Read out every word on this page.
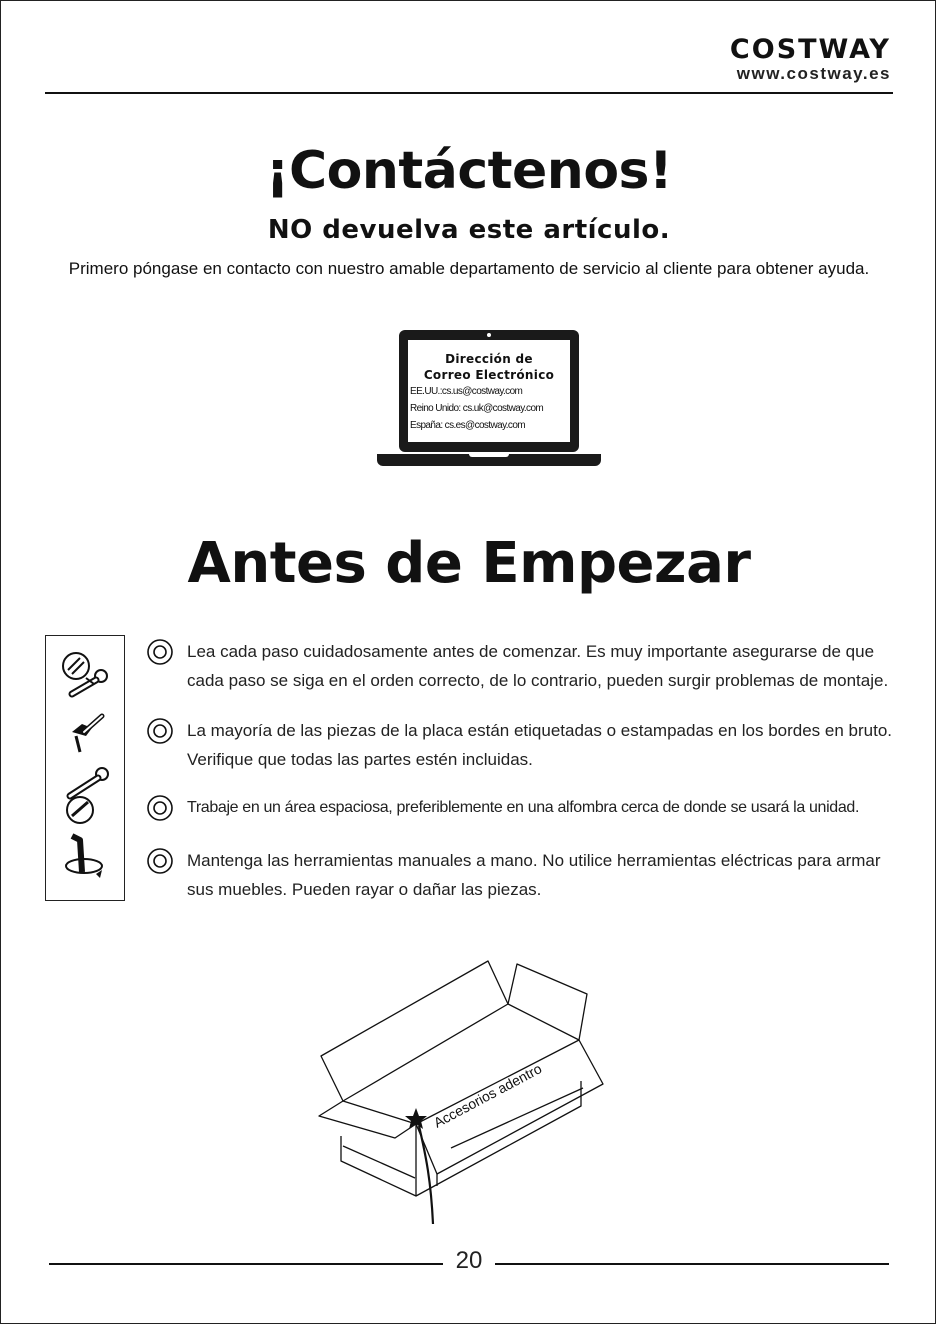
COSTWAY
www.costway.es
¡Contáctenos!
NO devuelva este artículo.
Primero póngase en contacto con nuestro amable departamento de servicio al cliente para obtener ayuda.
Dirección de
Correo Electrónico
EE.UU.:cs.us@costway.com
Reino Unido: cs.uk@costway.com
España: cs.es@costway.com
Antes de Empezar
Lea cada paso cuidadosamente antes de comenzar. Es muy importante asegurarse de que
cada paso se siga en el orden correcto, de lo contrario, pueden surgir problemas de montaje.
La mayoría de las piezas de la placa están etiquetadas o estampadas en los bordes en bruto.
Verifique que todas las partes estén incluidas.
Trabaje en un área espaciosa, preferiblemente en una alfombra cerca de donde se usará la unidad.
Mantenga las herramientas manuales a mano. No utilice herramientas eléctricas para armar
sus muebles. Pueden rayar o dañar las piezas.
Accesorios adentro
20
